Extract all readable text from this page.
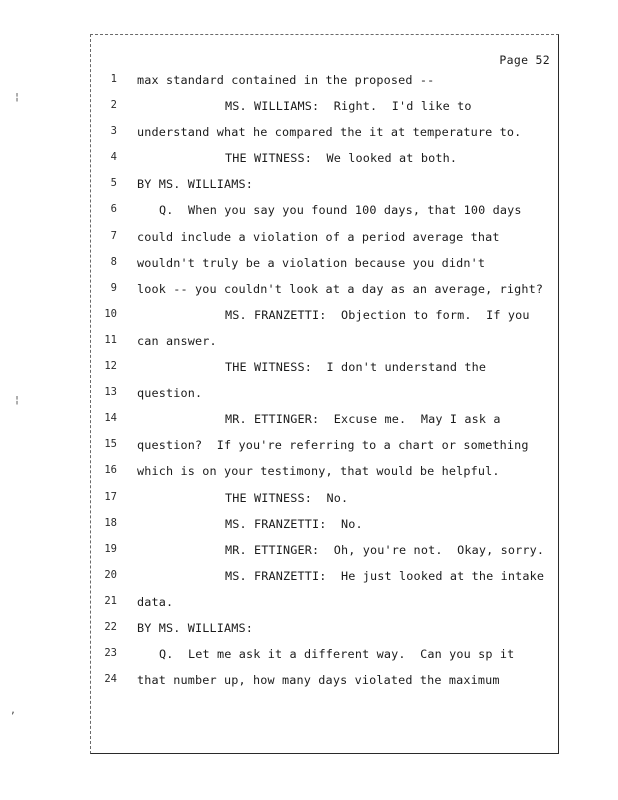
Page 52
1 max standard contained in the proposed --
2	MS. WILLIAMS:  Right.  I'd like to
3 understand what he compared the it at temperature to.
4	THE WITNESS:  We looked at both.
5 BY MS. WILLIAMS:
6	Q.  When you say you found 100 days, that 100 days
7 could include a violation of a period average that
8 wouldn't truly be a violation because you didn't
9 look -- you couldn't look at a day as an average, right?
10	MS. FRANZETTI:  Objection to form.  If you
11 can answer.
12	THE WITNESS:  I don't understand the
13 question.
14	MR. ETTINGER:  Excuse me.  May I ask a
15 question?  If you're referring to a chart or something
16 which is on your testimony, that would be helpful.
17	THE WITNESS:  No.
18	MS. FRANZETTI:  No.
19	MR. ETTINGER:  Oh, you're not.  Okay, sorry.
20	MS. FRANZETTI:  He just looked at the intake
21 data.
22 BY MS. WILLIAMS:
23	Q.  Let me ask it a different way.  Can you sp it
24 that number up, how many days violated the maximum
¦
¦
,
